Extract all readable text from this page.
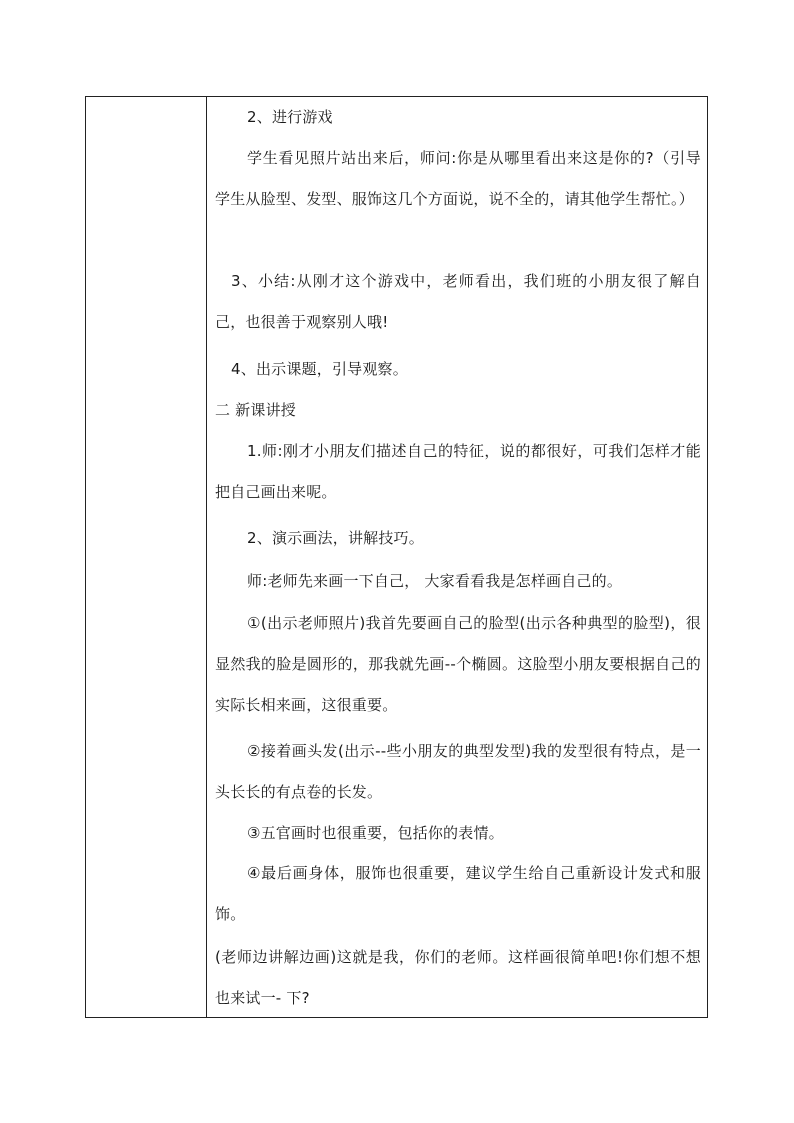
2、进行游戏
学生看见照片站出来后，师问:你是从哪里看出来这是你的?（引导学生从脸型、发型、服饰这几个方面说，说不全的，请其他学生帮忙。）
3、小结:从刚才这个游戏中，老师看出，我们班的小朋友很了解自己，也很善于观察别人哦!
4、出示课题，引导观察。
二 新课讲授
1.师:刚才小朋友们描述自己的特征，说的都很好，可我们怎样才能把自己画出来呢。
2、演示画法，讲解技巧。
师:老师先来画一下自己， 大家看看我是怎样画自己的。
①(出示老师照片)我首先要画自己的脸型(出示各种典型的脸型)，很显然我的脸是圆形的，那我就先画--个椭圆。这脸型小朋友要根据自己的实际长相来画，这很重要。
②接着画头发(出示--些小朋友的典型发型)我的发型很有特点，是一头长长的有点卷的长发。
③五官画时也很重要，包括你的表情。
④最后画身体，服饰也很重要，建议学生给自己重新设计发式和服饰。
(老师边讲解边画)这就是我，你们的老师。这样画很简单吧!你们想不想 也来试一- 下?
